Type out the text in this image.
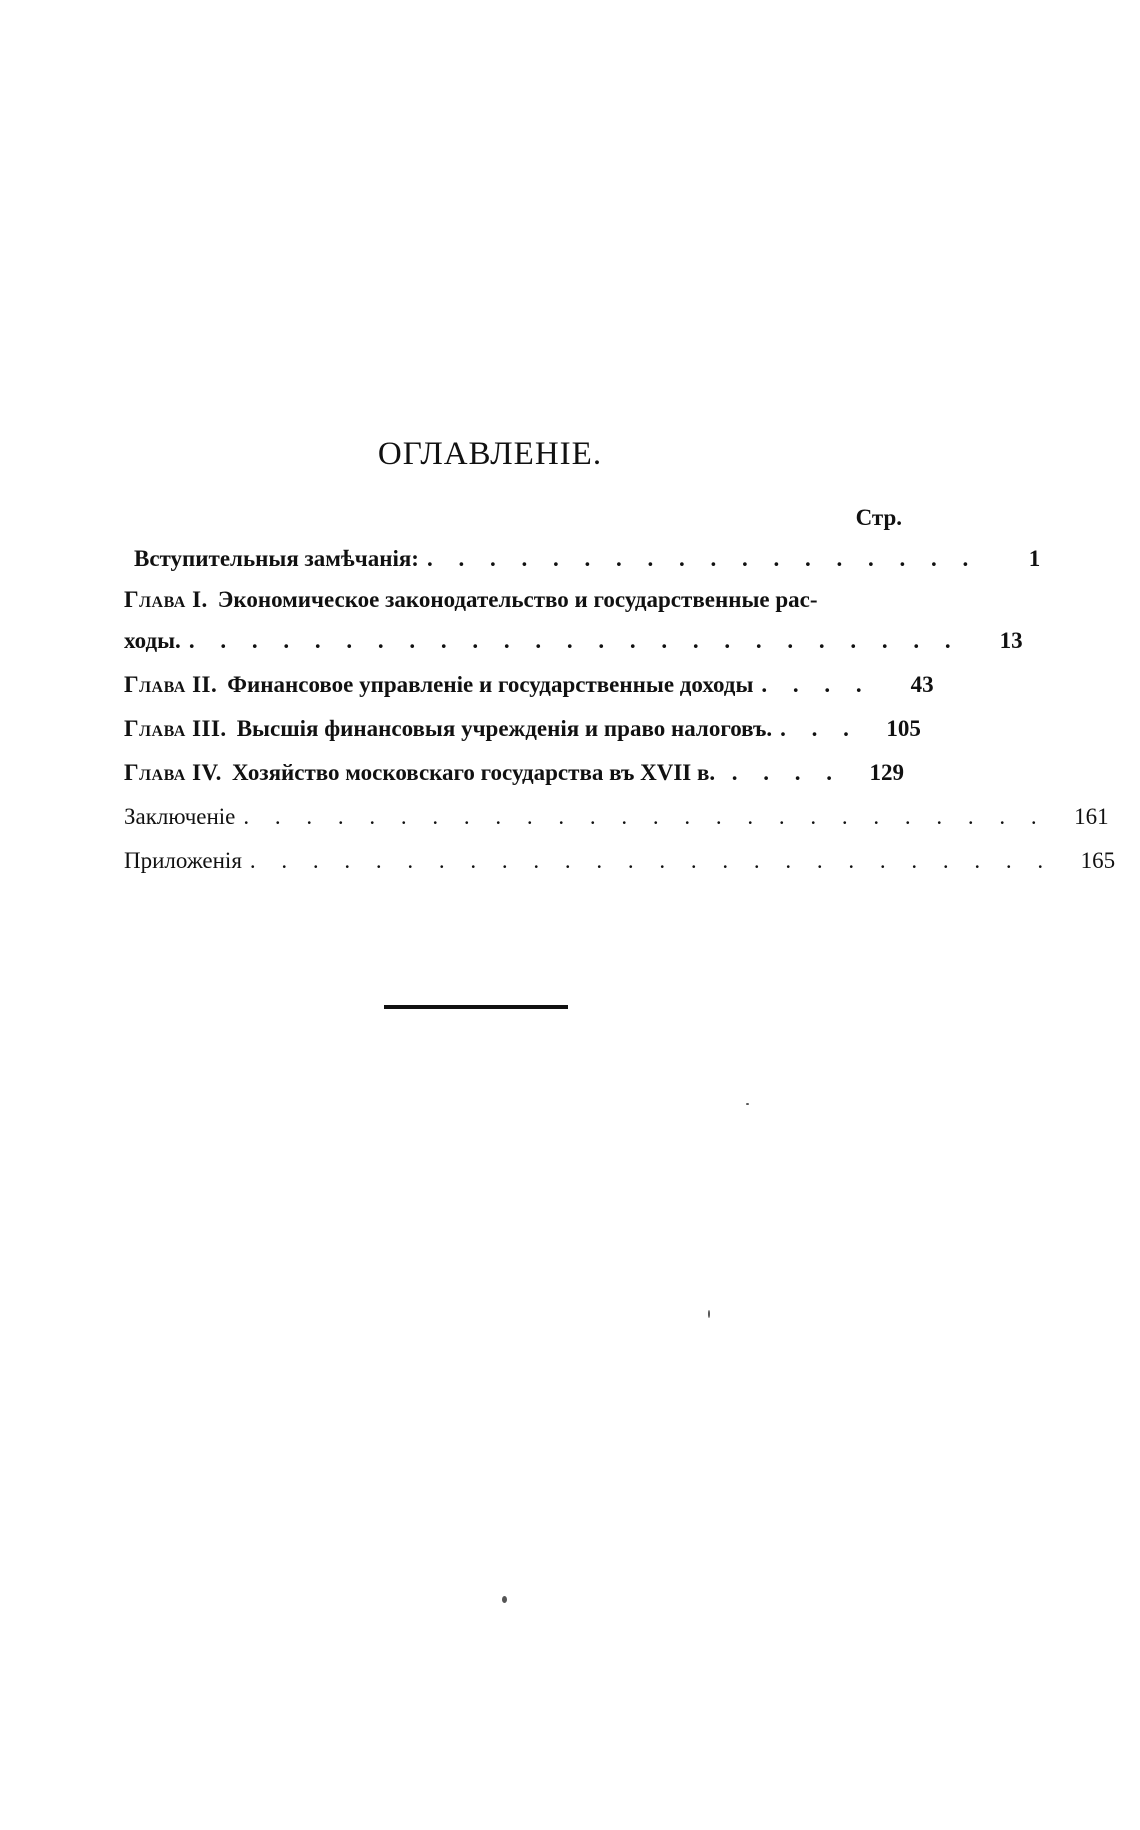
ОГЛАВЛЕНІЕ.
Стр.
Вступительныя замѣчанія: . . . . . . . . . . . . . . . . . .	1
Глава I. Экономическое законодательство и государственные рас-
ходы. . . . . . . . . . . . . . . . . . . . . . . . . .	13
Глава II. Финансовое управленіе и государственные доходы . . . .	43
Глава III. Высшія финансовыя учрежденія и право налоговъ. . . .	105
Глава IV. Хозяйство московскаго государства въ XVII в. . . . .	129
Заключеніе . . . . . . . . . . . . . . . . . . . . . . . . . .	161
Приложенія . . . . . . . . . . . . . . . . . . . . . . . . . .	165
